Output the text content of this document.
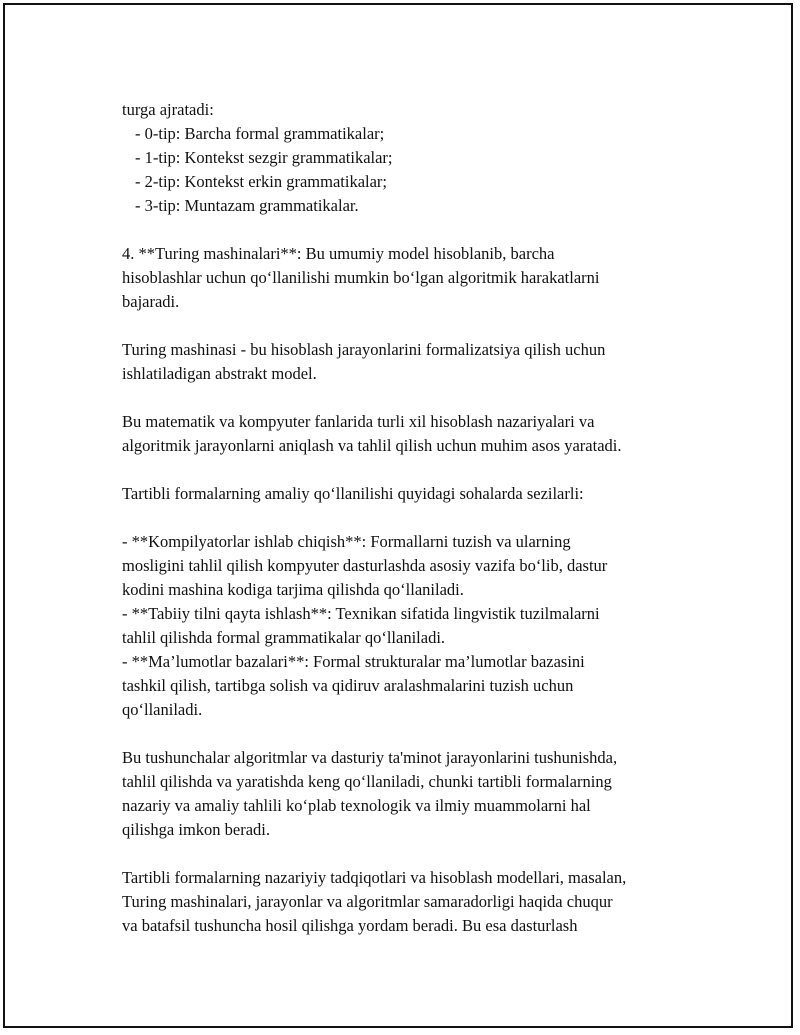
turga ajratadi:
- 0-tip: Barcha formal grammatikalar;
- 1-tip: Kontekst sezgir grammatikalar;
- 2-tip: Kontekst erkin grammatikalar;
- 3-tip: Muntazam grammatikalar.
4. **Turing mashinalari**: Bu umumiy model hisoblanib, barcha
hisoblashlar uchun qo‘llanilishi mumkin bo‘lgan algoritmik harakatlarni
bajaradi.
Turing mashinasi - bu hisoblash jarayonlarini formalizatsiya qilish uchun
ishlatiladigan abstrakt model.
Bu matematik va kompyuter fanlarida turli xil hisoblash nazariyalari va
algoritmik jarayonlarni aniqlash va tahlil qilish uchun muhim asos yaratadi.
Tartibli formalarning amaliy qo‘llanilishi quyidagi sohalarda sezilarli:
- **Kompilyatorlar ishlab chiqish**: Formallarni tuzish va ularning
mosligini tahlil qilish kompyuter dasturlashda asosiy vazifa bo‘lib, dastur
kodini mashina kodiga tarjima qilishda qo‘llaniladi.
- **Tabiiy tilni qayta ishlash**: Texnikan sifatida lingvistik tuzilmalarni
tahlil qilishda formal grammatikalar qo‘llaniladi.
- **Ma’lumotlar bazalari**: Formal strukturalar ma’lumotlar bazasini
tashkil qilish, tartibga solish va qidiruv aralashmalarini tuzish uchun
qo‘llaniladi.
Bu tushunchalar algoritmlar va dasturiy ta'minot jarayonlarini tushunishda,
tahlil qilishda va yaratishda keng qo‘llaniladi, chunki tartibli formalarning
nazariy va amaliy tahlili ko‘plab texnologik va ilmiy muammolarni hal
qilishga imkon beradi.
Tartibli formalarning nazariyiy tadqiqotlari va hisoblash modellari, masalan,
Turing mashinalari, jarayonlar va algoritmlar samaradorligi haqida chuqur
va batafsil tushuncha hosil qilishga yordam beradi. Bu esa dasturlash
